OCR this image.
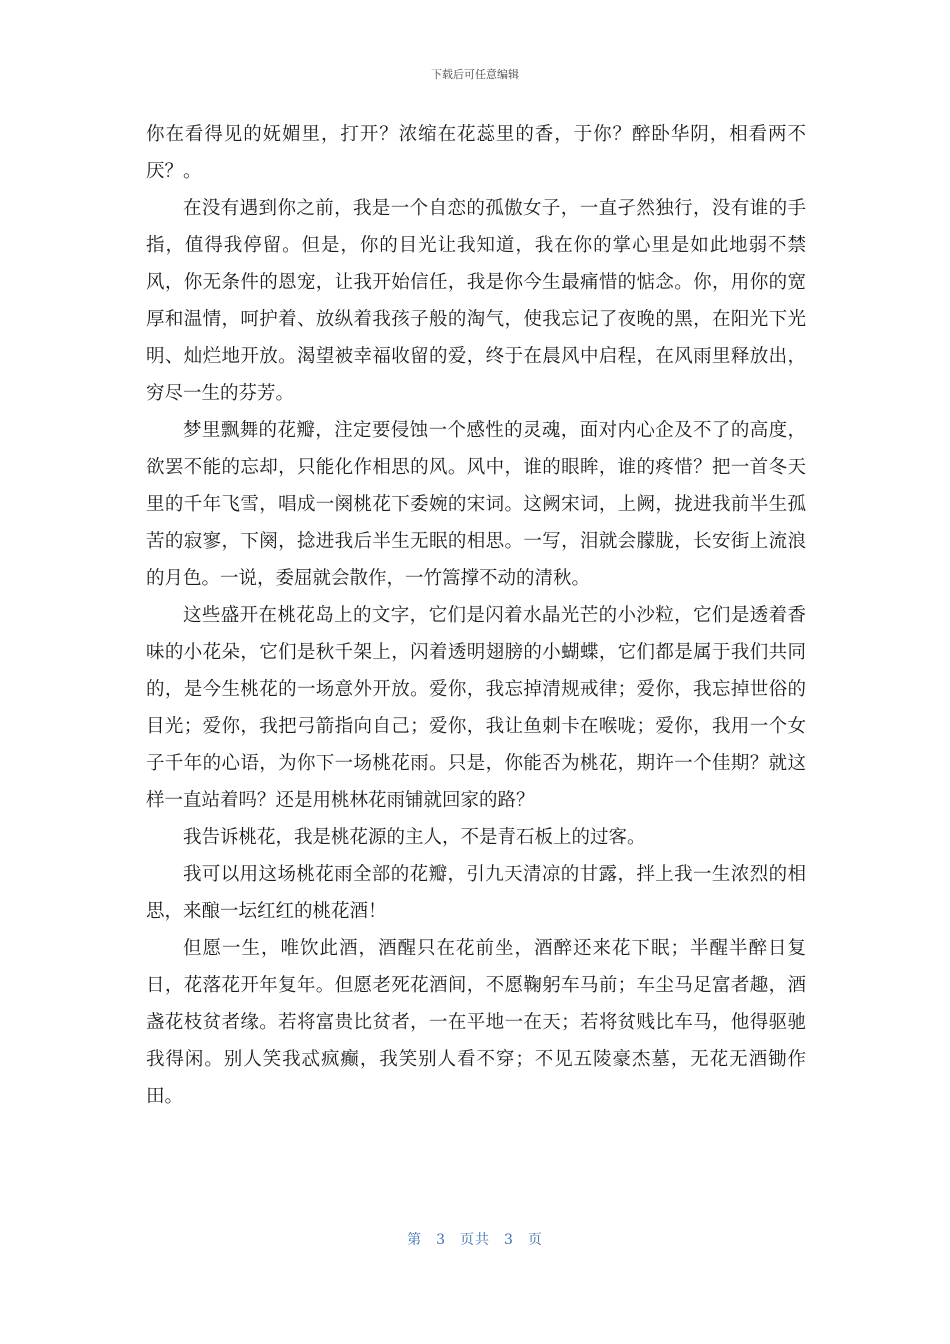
下载后可任意编辑

你在看得见的妩媚里，打开？浓缩在花蕊里的香，于你？醉卧华阴，相看两不厌？。

在没有遇到你之前，我是一个自恋的孤傲女子，一直孑然独行，没有谁的手指，值得我停留。但是，你的目光让我知道，我在你的掌心里是如此地弱不禁风，你无条件的恩宠，让我开始信任，我是你今生最痛惜的惦念。你，用你的宽厚和温情，呵护着、放纵着我孩子般的淘气，使我忘记了夜晚的黑，在阳光下光明、灿烂地开放。渴望被幸福收留的爱，终于在晨风中启程，在风雨里释放出，穷尽一生的芬芳。

梦里飘舞的花瓣，注定要侵蚀一个感性的灵魂，面对内心企及不了的高度，欲罢不能的忘却，只能化作相思的风。风中，谁的眼眸，谁的疼惜？把一首冬天里的千年飞雪，唱成一阕桃花下委婉的宋词。这阙宋词，上阙，拢进我前半生孤苦的寂寥，下阕，捻进我后半生无眠的相思。一写，泪就会朦胧，长安街上流浪的月色。一说，委屈就会散作，一竹篙撑不动的清秋。

这些盛开在桃花岛上的文字，它们是闪着水晶光芒的小沙粒，它们是透着香味的小花朵，它们是秋千架上，闪着透明翅膀的小蝴蝶，它们都是属于我们共同的，是今生桃花的一场意外开放。爱你，我忘掉清规戒律；爱你，我忘掉世俗的目光；爱你，我把弓箭指向自己；爱你，我让鱼刺卡在喉咙；爱你，我用一个女子千年的心语，为你下一场桃花雨。只是，你能否为桃花，期许一个佳期？就这样一直站着吗？还是用桃林花雨铺就回家的路？

我告诉桃花，我是桃花源的主人，不是青石板上的过客。

我可以用这场桃花雨全部的花瓣，引九天清凉的甘露，拌上我一生浓烈的相思，来酿一坛红红的桃花酒！

但愿一生，唯饮此酒，酒醒只在花前坐，酒醉还来花下眠；半醒半醉日复日，花落花开年复年。但愿老死花酒间，不愿鞠躬车马前；车尘马足富者趣，酒盏花枝贫者缘。若将富贵比贫者，一在平地一在天；若将贫贱比车马，他得驱驰我得闲。别人笑我忒疯癫，我笑别人看不穿；不见五陵豪杰墓，无花无酒锄作田。

第 3 页共 3 页
